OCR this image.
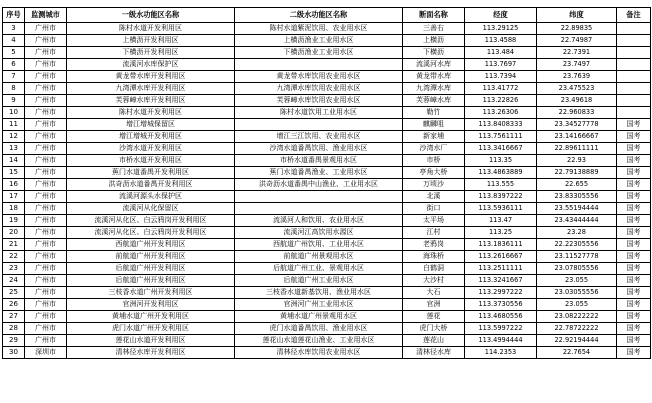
序号	监测城市	一级水功能区名称	二级水功能区名称	断面名称	经度	纬度	备注
3	广州市	陈村水道开发利用区	陈村水道紫泥饮用、农业用水区	三善右	113.29125	22.89835	
4	广州市	上横沥开发利用区	上横沥渔业工业用水区	上横沥	113.4588	22.74987	
5	广州市	下横沥开发利用区	下横沥渔业工业用水区	下横沥	113.484	22.7391	
6	广州市	流溪河水库保护区		流溪河水库	113.7697	23.7497	
7	广州市	黄龙带水库开发利用区	黄龙带水库饮用农业用水区	黄龙带水库	113.7394	23.7639	
8	广州市	九湾潭水库开发利用区	九湾潭水库饮用农业用水区	九湾潭水库	113.41772	23.475523	
9	广州市	芙蓉嶂水库开发利用区	芙蓉嶂水库饮用农业用水区	芙蓉嶂水库	113.22826	23.49618	
10	广州市	陈村水道开发利用区	陈村水道饮用工业用水区	勒竹	113.26306	22.960833	
11	广州市	增江增城保留区		麒麟咀	113.8408333	23.34527778	国考
12	广州市	增江增城开发利用区	增江三江饮用、农业用水区	新家埔	113.7561111	23.14166667	国考
13	广州市	沙湾水道开发利用区	沙湾水道番禺饮用、渔业用水区	沙湾水厂	113.3416667	22.89611111	国考
14	广州市	市桥水道开发利用区	市桥水道番禺景观用水区	市桥	113.35	22.93	国考
15	广州市	蕉门水道番禺开发利用区	蕉门水道番禺渔业、工业用水区	亭角大桥	113.4863889	22.79138889	国考
16	广州市	洪奇沥水道番禺开发利用区	洪奇沥水道番禺中山渔业、工业用水区	万顷沙	113.555	22.655	国考
17	广州市	流溪河源头水保护区		北溪	113.8397222	23.83305556	国考
18	广州市	流溪河从化保留区		街口	113.5936111	23.55194444	国考
19	广州市	流溪河从化区、白云鸦岗开发利用区	流溪河人和饮用、农业用水区	太平场	113.47	23.43444444	国考
20	广州市	流溪河从化区、白云鸦岗开发利用区	流溪河江高饮用水源区	江村	113.25	23.28	国考
21	广州市	西航道广州开发利用区	西航道广州饮用、工业用水区	老鸦岗	113.1836111	22.22305556	国考
22	广州市	前航道广州开发利用区	前航道广州景观用水区	海珠桥	113.2616667	23.11527778	国考
23	广州市	后航道广州开发利用区	后航道广州工业、景观用水区	白鹤洞	113.2511111	23.07805556	国考
24	广州市	后航道广州开发利用区	后航道广州工业用水区	大沙村	113.3241667	23.055	国考
25	广州市	三枝香水道广州开发利用区	三枝香水道新基饮用、渔业用水区	大石	113.2997222	23.03055556	国考
26	广州市	官洲河开发利用区	官洲河广州工业用水区	官洲	113.3730556	23.055	国考
27	广州市	黄埔水道广州开发利用区	黄埔水道广州景观用水区	莲花	113.4680556	23.08222222	国考
28	广州市	虎门水道广州开发利用区	虎门水道番禺饮用、渔业用水区	虎门大桥	113.5997222	22.78722222	国考
29	广州市	莲花山水道开发利用区	莲花山水道莲花山渔业、工业用水区	莲花山	113.4994444	22.92194444	国考
30	深圳市	清林径水库开发利用区	清林径水库饮用农业用水区	清林径水库	114.2353	22.7654	国考
